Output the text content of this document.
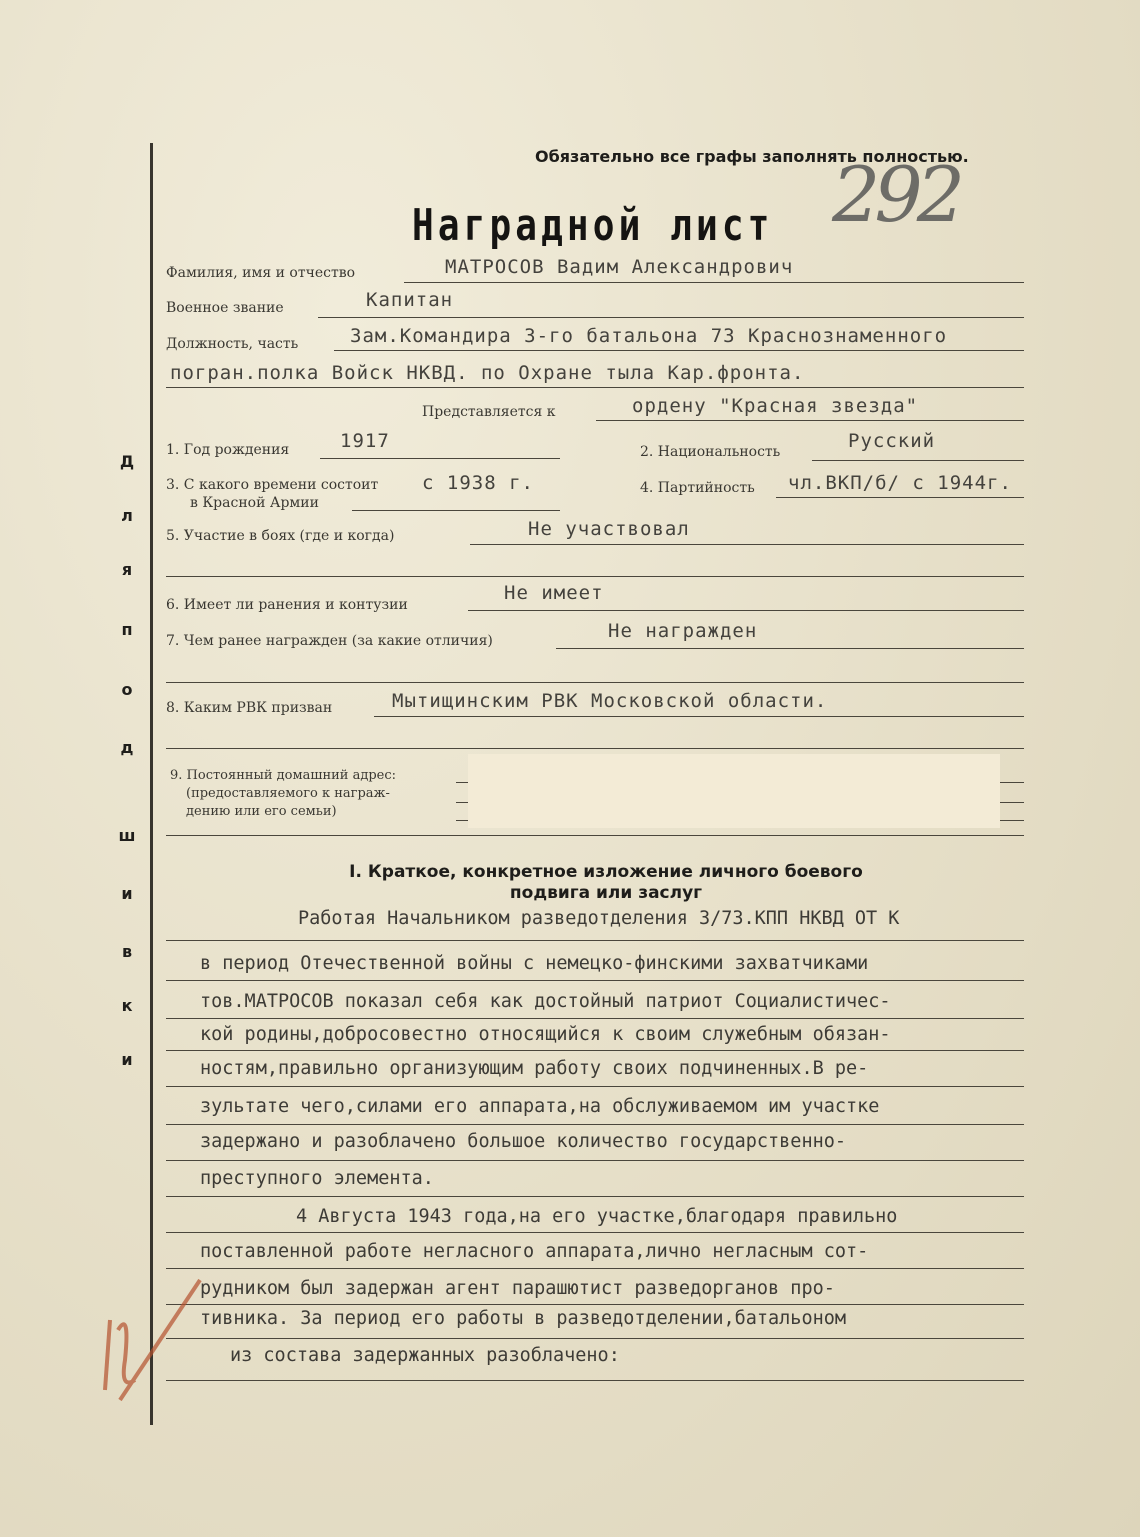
Обязательно все графы заполнять полностью.
292
Наградной лист
Фамилия, имя и отчество	МАТРОСОВ Вадим Александрович
Военное звание	Капитан
Должность, часть	Зам.Командира 3-го батальона 73 Краснознаменного
погран.полка Войск НКВД. по Охране тыла Кар.фронта.
Представляется к	ордену "Красная звезда"
1. Год рождения	1917	2. Национальность	Русский
3. С какого времени состоит
в Красной Армии
с 1938 г.	4. Партийность чл.ВКП/б/ с 1944г.
5. Участие в боях (где и когда)	Не участвовал
6. Имеет ли ранения и контузии
Не имеет
7. Чем ранее награжден (за какие отличия)	Не награжден
8. Каким РВК призван	Мытищинским РВК Московской области.
9. Постоянный домашний адрес:
(предоставляемого к награж-
дению или его семьи)
Д
л
я
п
о
д
ш
и
в
к
и
I. Краткое, конкретное изложение личного боевого
подвига или заслуг
Работая Начальником разведотделения 3/73.КПП НКВД ОТ К
в период Отечественной войны с немецко-финскими захватчиками
тов.МАТРОСОВ показал себя как достойный патриот Социалистичес-
кой родины,добросовестно относящийся к своим служебным обязан-
ностям,правильно организующим работу своих подчиненных.В ре-
зультате чего,силами его аппарата,на обслуживаемом им участке
задержано и разоблачено большое количество государственно-
преступного элемента.
4 Августа 1943 года,на его участке,благодаря правильно
поставленной работе негласного аппарата,лично негласным сот-
рудником был задержан агент парашютист разведорганов про-
тивника. За период его работы в разведотделении,батальоном
из состава задержанных разоблачено:
